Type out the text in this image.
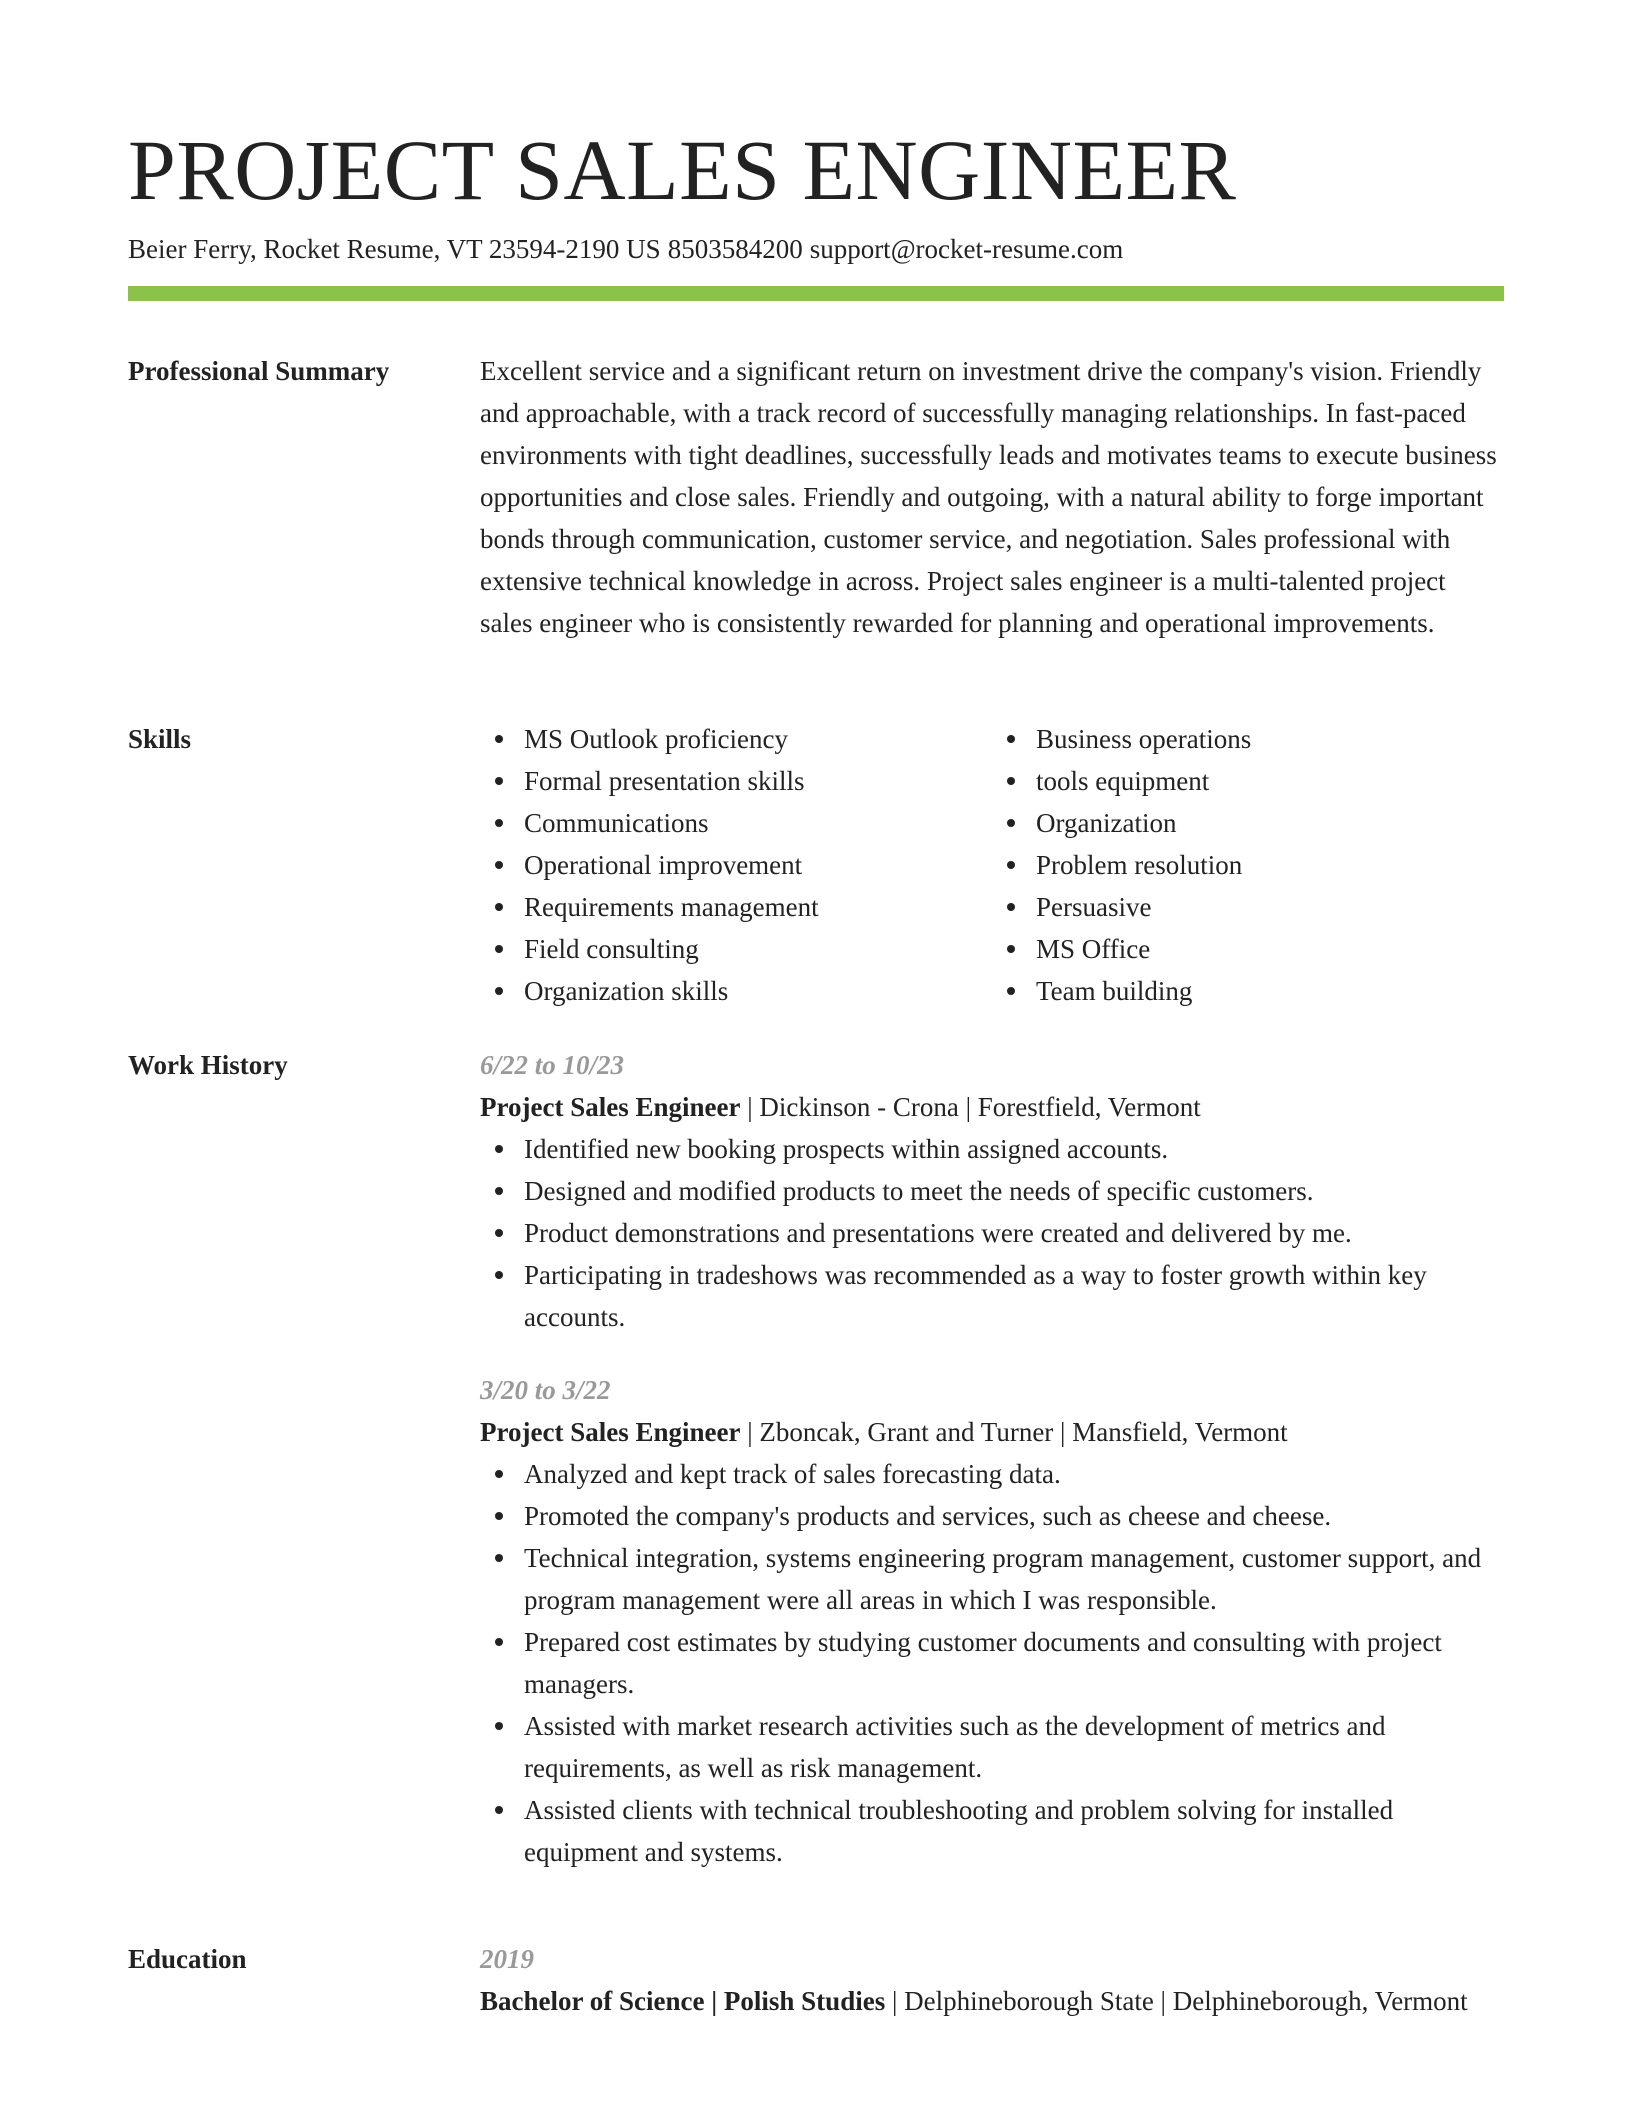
PROJECT SALES ENGINEER
Beier Ferry, Rocket Resume, VT 23594-2190 US 8503584200 support@rocket-resume.com
Professional Summary	Excellent service and a significant return on investment drive the company's vision. Friendly and approachable, with a track record of successfully managing relationships. In fast-paced environments with tight deadlines, successfully leads and motivates teams to execute business opportunities and close sales. Friendly and outgoing, with a natural ability to forge important bonds through communication, customer service, and negotiation. Sales professional with extensive technical knowledge in across. Project sales engineer is a multi-talented project sales engineer who is consistently rewarded for planning and operational improvements.

Skills	MS Outlook proficiency
Formal presentation skills
Communications
Operational improvement
Requirements management
Field consulting
Organization skills
Business operations
tools equipment
Organization
Problem resolution
Persuasive
MS Office
Team building
Work History	6/22 to 10/23
Project Sales Engineer | Dickinson - Crona | Forestfield, Vermont
Identified new booking prospects within assigned accounts.
Designed and modified products to meet the needs of specific customers.
Product demonstrations and presentations were created and delivered by me.
Participating in tradeshows was recommended as a way to foster growth within key accounts.
3/20 to 3/22
Project Sales Engineer | Zboncak, Grant and Turner | Mansfield, Vermont
Analyzed and kept track of sales forecasting data.
Promoted the company's products and services, such as cheese and cheese.
Technical integration, systems engineering program management, customer support, and program management were all areas in which I was responsible.
Prepared cost estimates by studying customer documents and consulting with project managers.
Assisted with market research activities such as the development of metrics and requirements, as well as risk management.
Assisted clients with technical troubleshooting and problem solving for installed equipment and systems.
Education	2019
Bachelor of Science | Polish Studies | Delphineborough State | Delphineborough, Vermont
